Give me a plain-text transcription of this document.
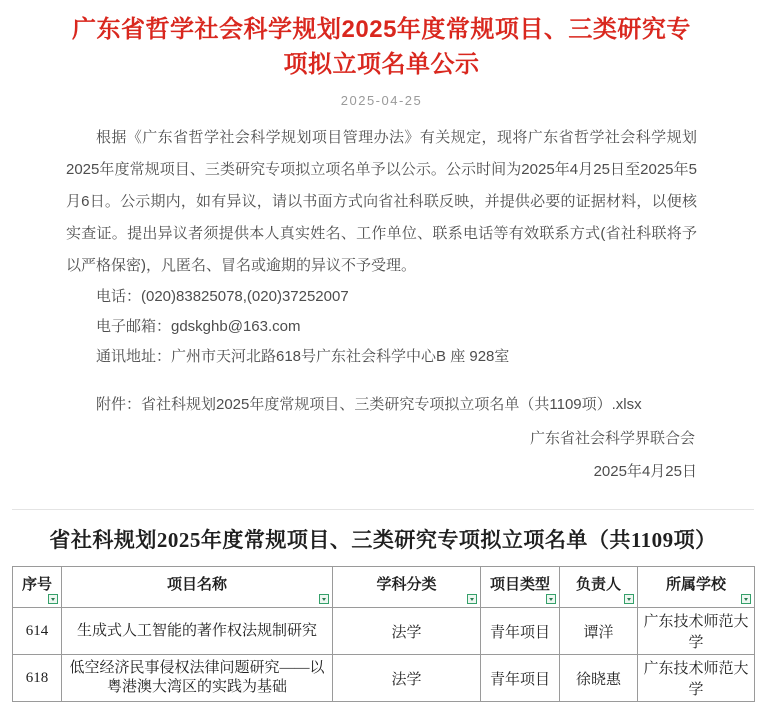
广东省哲学社会科学规划2025年度常规项目、三类研究专项拟立项名单公示
2025-04-25

根据《广东省哲学社会科学规划项目管理办法》有关规定，现将广东省哲学社会科学规划2025年度常规项目、三类研究专项拟立项名单予以公示。公示时间为2025年4月25日至2025年5月6日。公示期内，如有异议，请以书面方式向省社科联反映，并提供必要的证据材料，以便核实查证。提出异议者须提供本人真实姓名、工作单位、联系电话等有效联系方式(省社科联将予以严格保密)，凡匿名、冒名或逾期的异议不予受理。

电话：(020)83825078,(020)37252007

电子邮箱：gdskghb@163.com

通讯地址：广州市天河北路618号广东社会科学中心B 座 928室

附件：省社科规划2025年度常规项目、三类研究专项拟立项名单（共1109项）.xlsx

广东省社会科学界联合会

2025年4月25日

省社科规划2025年度常规项目、三类研究专项拟立项名单（共1109项）
序号	项目名称	学科分类	项目类型	负责人	所属学校

614	生成式人工智能的著作权法规制研究	法学	青年项目	谭洋	广东技术师范大学
618	低空经济民事侵权法律问题研究——以粤港澳大湾区的实践为基础	法学	青年项目	徐晓惠	广东技术师范大学
